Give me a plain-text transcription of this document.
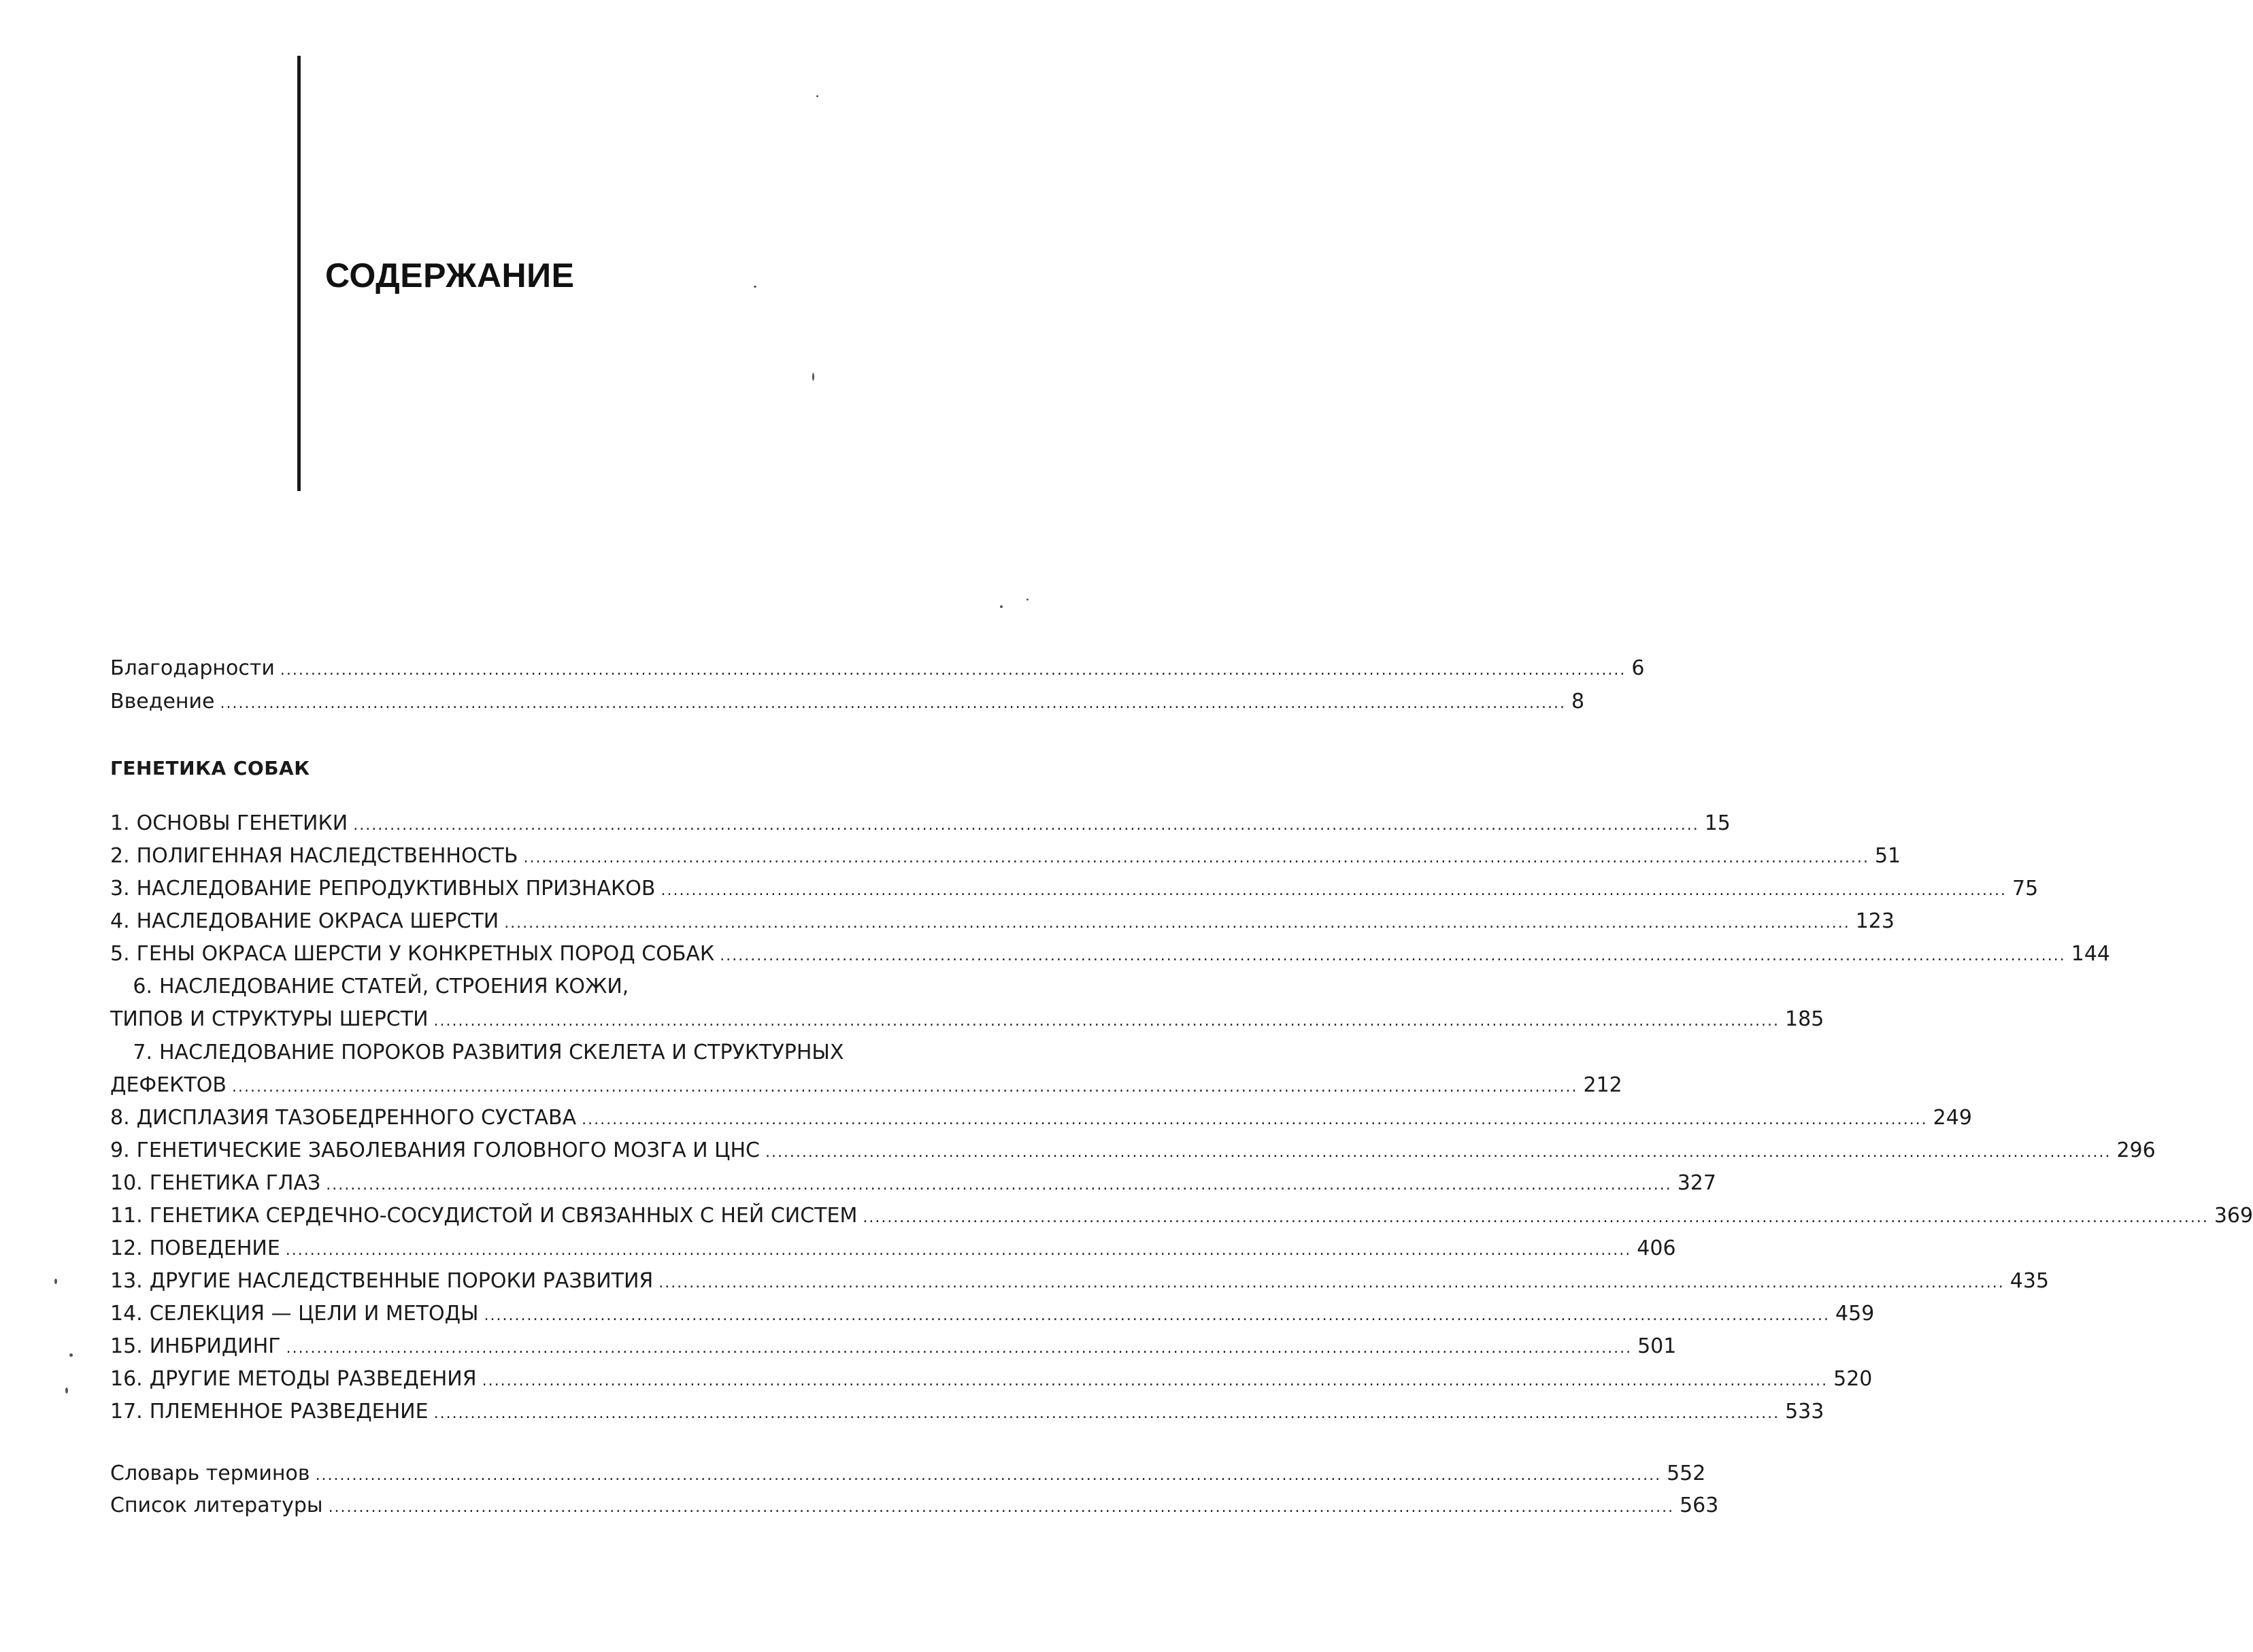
СОДЕРЖАНИЕ
Благодарности ............................................................................................................................................................................................................................ 6
Введение ............................................................................................................................................................................................................................ 8
ГЕНЕТИКА СОБАК
1. ОСНОВЫ ГЕНЕТИКИ ............................................................................................................................................................................................................................ 15
2. ПОЛИГЕННАЯ НАСЛЕДСТВЕННОСТЬ ............................................................................................................................................................................................................................ 51
3. НАСЛЕДОВАНИЕ РЕПРОДУКТИВНЫХ ПРИЗНАКОВ ............................................................................................................................................................................................................................ 75
4. НАСЛЕДОВАНИЕ ОКРАСА ШЕРСТИ ............................................................................................................................................................................................................................ 123
5. ГЕНЫ ОКРАСА ШЕРСТИ У КОНКРЕТНЫХ ПОРОД СОБАК ............................................................................................................................................................................................................................ 144
6. НАСЛЕДОВАНИЕ СТАТЕЙ, СТРОЕНИЯ КОЖИ,
ТИПОВ И СТРУКТУРЫ ШЕРСТИ ............................................................................................................................................................................................................................ 185
7. НАСЛЕДОВАНИЕ ПОРОКОВ РАЗВИТИЯ СКЕЛЕТА И СТРУКТУРНЫХ
ДЕФЕКТОВ ............................................................................................................................................................................................................................ 212
8. ДИСПЛАЗИЯ ТАЗОБЕДРЕННОГО СУСТАВА ............................................................................................................................................................................................................................ 249
9. ГЕНЕТИЧЕСКИЕ ЗАБОЛЕВАНИЯ ГОЛОВНОГО МОЗГА И ЦНС ............................................................................................................................................................................................................................ 296
10. ГЕНЕТИКА ГЛАЗ ............................................................................................................................................................................................................................ 327
11. ГЕНЕТИКА СЕРДЕЧНО-СОСУДИСТОЙ И СВЯЗАННЫХ С НЕЙ СИСТЕМ ............................................................................................................................................................................................................................ 369
12. ПОВЕДЕНИЕ ............................................................................................................................................................................................................................ 406
13. ДРУГИЕ НАСЛЕДСТВЕННЫЕ ПОРОКИ РАЗВИТИЯ ............................................................................................................................................................................................................................ 435
14. СЕЛЕКЦИЯ — ЦЕЛИ И МЕТОДЫ ............................................................................................................................................................................................................................ 459
15. ИНБРИДИНГ ............................................................................................................................................................................................................................ 501
16. ДРУГИЕ МЕТОДЫ РАЗВЕДЕНИЯ ............................................................................................................................................................................................................................ 520
17. ПЛЕМЕННОЕ РАЗВЕДЕНИЕ ............................................................................................................................................................................................................................ 533
Словарь терминов ............................................................................................................................................................................................................................ 552
Список литературы ............................................................................................................................................................................................................................ 563
